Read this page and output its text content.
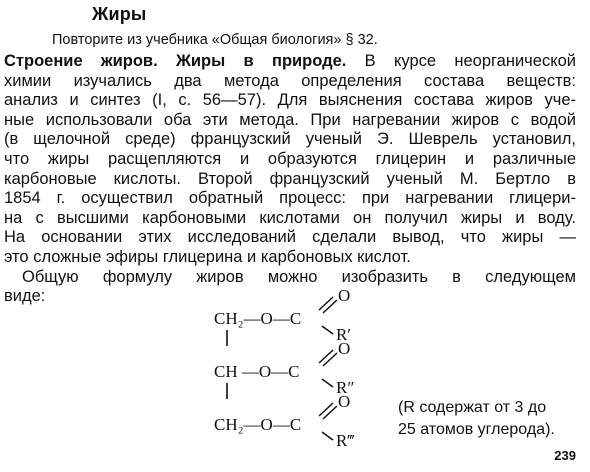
Жиры
Повторите из учебника «Общая биология» § 32.
Строение жиров. Жиры в природе. В курсе неорганической
химии изучались два метода определения состава веществ:
анализ и синтез (I, с. 56—57). Для выяснения состава жиров уче-
ные использовали оба эти метода. При нагревании жиров с водой
(в щелочной среде) французский ученый Э. Шеврель установил,
что жиры расщепляются и образуются глицерин и различные
карбоновые кислоты. Второй французский ученый М. Бертло в
1854 г. осуществил обратный процесс: при нагревании глицери-
на с высшими карбоновыми кислотами он получил жиры и воду.
На основании этих исследований сделали вывод, что жиры —
это сложные эфиры глицерина и карбоновых кислот.
Общую формулу жиров можно изобразить в следующем
виде:
CH₂—O—C
O
R′
CH —O—C
O
R″
CH₂—O—C
O
R‴
(R содержат от 3 до
25 атомов углерода).
239
